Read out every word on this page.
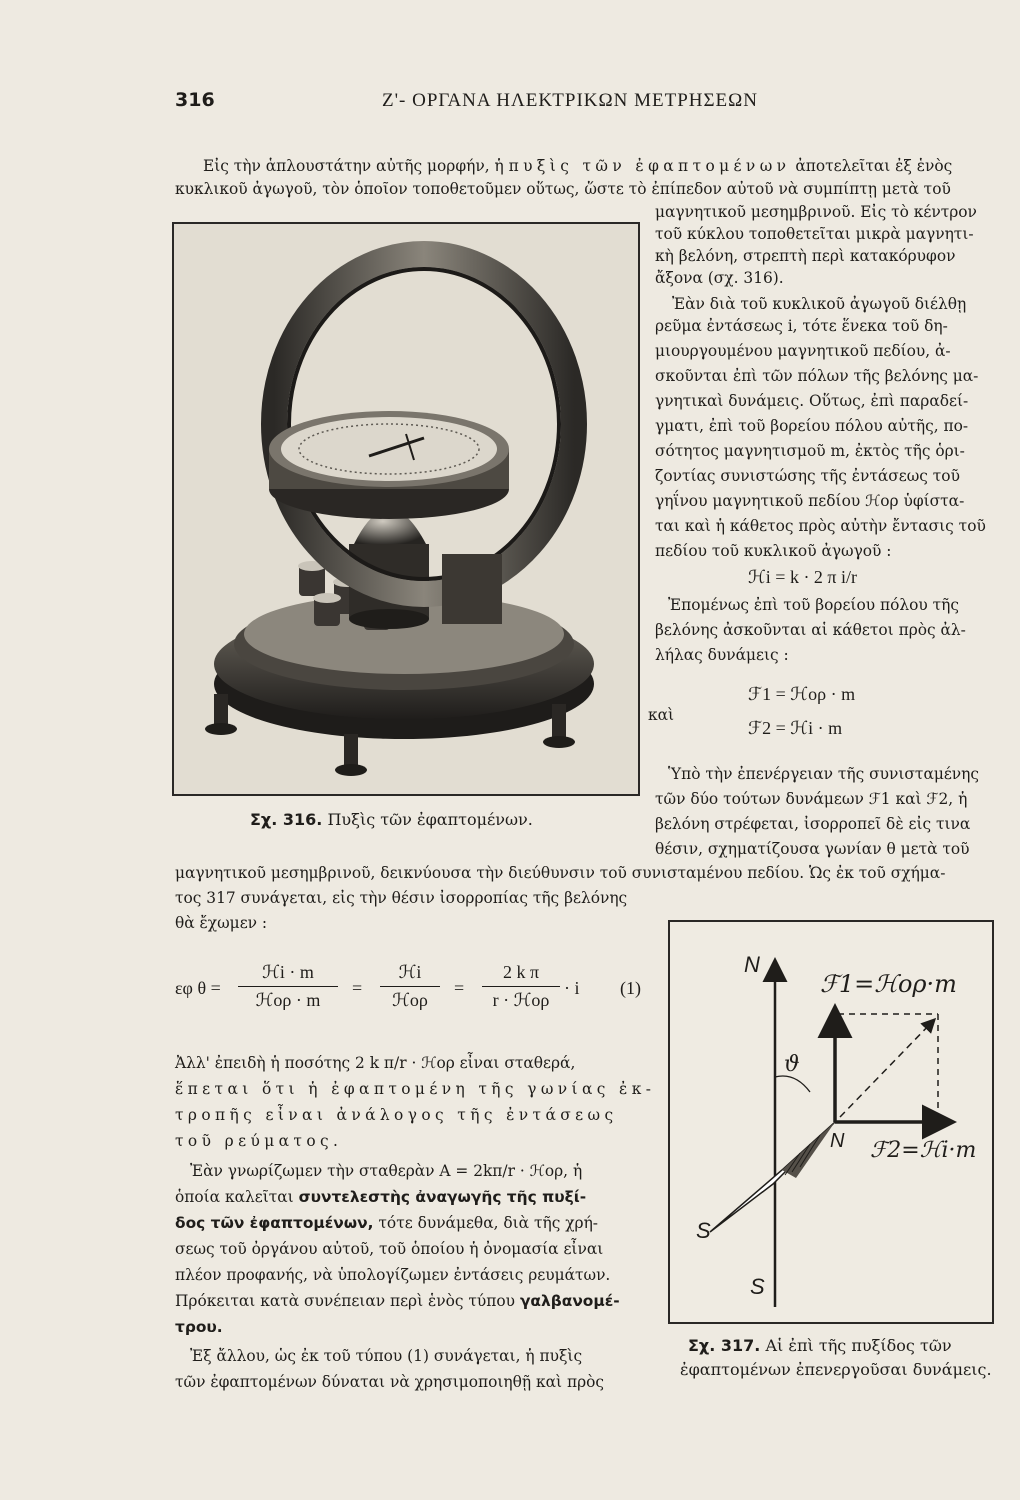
316	Ζ'- ΟΡΓΑΝΑ ΗΛΕΚΤΡΙΚΩΝ ΜΕΤΡΗΣΕΩΝ
Εἰς τὴν ἁπλουστάτην αὐτῆς μορφήν, ἡ πυξὶς τῶν ἐφαπτομένων ἀποτελεῖται ἐξ ἑνὸς
κυκλικοῦ ἀγωγοῦ, τὸν ὁποῖον τοποθετοῦμεν οὕτως, ὥστε τὸ ἐπίπεδον αὐτοῦ νὰ συμπίπτῃ μετὰ τοῦ
Σχ. 316. Πυξὶς τῶν ἐφαπτομένων.
μαγνητικοῦ μεσημβρινοῦ. Εἰς τὸ κέντρον
τοῦ κύκλου τοποθετεῖται μικρὰ μαγνητι-
κὴ βελόνη, στρεπτὴ περὶ κατακόρυφον
ἄξονα (σχ. 316).
Ἐὰν διὰ τοῦ κυκλικοῦ ἀγωγοῦ διέλθῃ
ρεῦμα ἐντάσεως i, τότε ἕνεκα τοῦ δη-
μιουργουμένου μαγνητικοῦ πεδίου, ἀ-
σκοῦνται ἐπὶ τῶν πόλων τῆς βελόνης μα-
γνητικαὶ δυνάμεις. Οὕτως, ἐπὶ παραδεί-
γματι, ἐπὶ τοῦ βορείου πόλου αὐτῆς, πο-
σότητος μαγνητισμοῦ m, ἐκτὸς τῆς ὁρι-
ζοντίας συνιστώσης τῆς ἐντάσεως τοῦ
γηΐνου μαγνητικοῦ πεδίου ℋορ ὑφίστα-
ται καὶ ἡ κάθετος πρὸς αὐτὴν ἔντασις τοῦ
πεδίου τοῦ κυκλικοῦ ἀγωγοῦ :
ℋi = k · 2 π i/r
Ἐπομένως ἐπὶ τοῦ βορείου πόλου τῆς
βελόνης ἀσκοῦνται αἱ κάθετοι πρὸς ἀλ-
λήλας δυνάμεις :
καὶ
ℱ1 = ℋορ · m
ℱ2 = ℋi · m
Ὑπὸ τὴν ἐπενέργειαν τῆς συνισταμένης
τῶν δύο τούτων δυνάμεων ℱ1 καὶ ℱ2, ἡ
βελόνη στρέφεται, ἰσορροπεῖ δὲ εἰς τινα
θέσιν, σχηματίζουσα γωνίαν θ μετὰ τοῦ
μαγνητικοῦ μεσημβρινοῦ, δεικνύουσα τὴν διεύθυνσιν τοῦ συνισταμένου πεδίου. Ὡς ἐκ τοῦ σχήμα-
τος 317 συνάγεται, εἰς τὴν θέσιν ἰσορροπίας τῆς βελόνης
θὰ ἔχωμεν :
εφ θ =
ℋi · m
ℋορ · m
=
ℋi
ℋορ
=
2 k π
r · ℋορ
· i (1)
Ἀλλ' ἐπειδὴ ἡ ποσότης 2 k π/r · ℋορ εἶναι σταθερά,
ἕπεται ὅτι ἡ ἐφαπτομένη τῆς γωνίας ἐκ-
τροπῆς εἶναι ἀνάλογος τῆς ἐντάσεως
τοῦ ρεύματος.
Ἐὰν γνωρίζωμεν τὴν σταθερὰν Α = 2kπ/r · ℋορ, ἡ
ὁποία καλεῖται συντελεστὴς ἀναγωγῆς τῆς πυξί-
δος τῶν ἐφαπτομένων, τότε δυνάμεθα, διὰ τῆς χρή-
σεως τοῦ ὀργάνου αὐτοῦ, τοῦ ὁποίου ἡ ὀνομασία εἶναι
πλέον προφανής, νὰ ὑπολογίζωμεν ἐντάσεις ρευμάτων.
Πρόκειται κατὰ συνέπειαν περὶ ἑνὸς τύπου γαλβανομέ-
τρου.
Ἐξ ἄλλου, ὡς ἐκ τοῦ τύπου (1) συνάγεται, ἡ πυξὶς
τῶν ἐφαπτομένων δύναται νὰ χρησιμοποιηθῇ καὶ πρὸς
N
ℱ1=ℋορ·m
ϑ
N ℱ2=ℋi·m
S
S
Σχ. 317. Αἱ ἐπὶ τῆς πυξίδος τῶν
ἐφαπτομένων ἐπενεργοῦσαι δυνάμεις.
